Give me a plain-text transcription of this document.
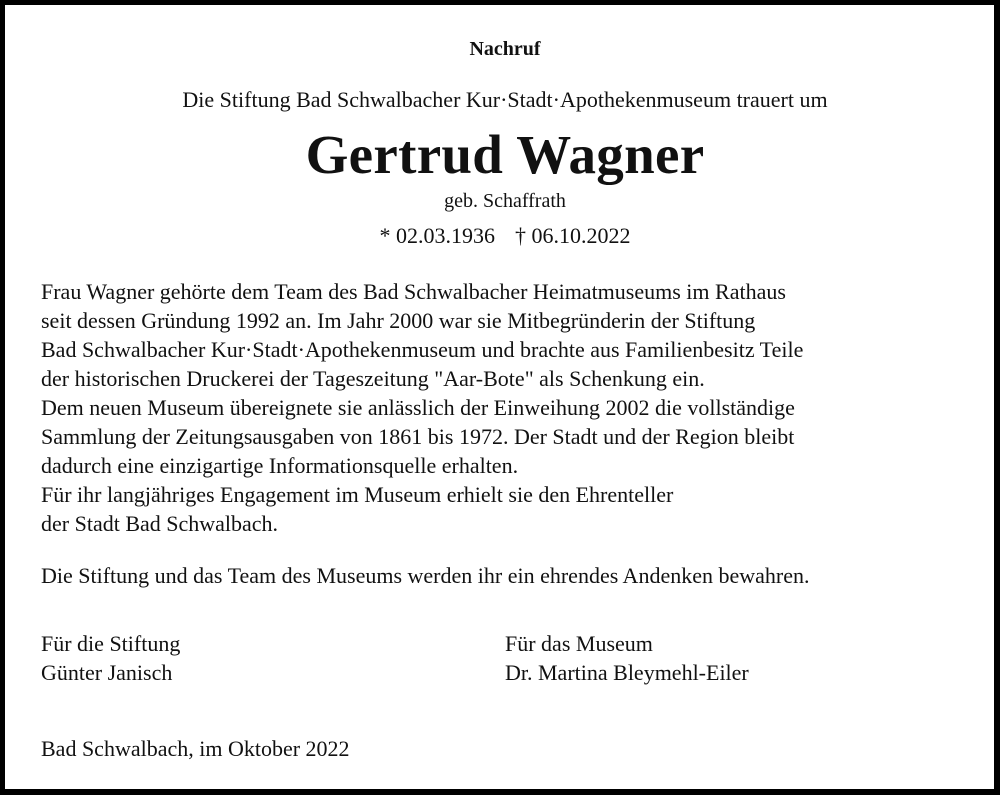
Nachruf
Die Stiftung Bad Schwalbacher Kur·Stadt·Apothekenmuseum trauert um
Gertrud Wagner
geb. Schaffrath
* 02.03.1936 † 06.10.2022
Frau Wagner gehörte dem Team des Bad Schwalbacher Heimatmuseums im Rathaus
seit dessen Gründung 1992 an. Im Jahr 2000 war sie Mitbegründerin der Stiftung
Bad Schwalbacher Kur·Stadt·Apothekenmuseum und brachte aus Familienbesitz Teile
der historischen Druckerei der Tageszeitung "Aar-Bote" als Schenkung ein.
Dem neuen Museum übereignete sie anlässlich der Einweihung 2002 die vollständige
Sammlung der Zeitungsausgaben von 1861 bis 1972. Der Stadt und der Region bleibt
dadurch eine einzigartige Informationsquelle erhalten.
Für ihr langjähriges Engagement im Museum erhielt sie den Ehrenteller
der Stadt Bad Schwalbach.
Die Stiftung und das Team des Museums werden ihr ein ehrendes Andenken bewahren.
Für die Stiftung
Günter Janisch
Für das Museum
Dr. Martina Bleymehl-Eiler
Bad Schwalbach, im Oktober 2022
